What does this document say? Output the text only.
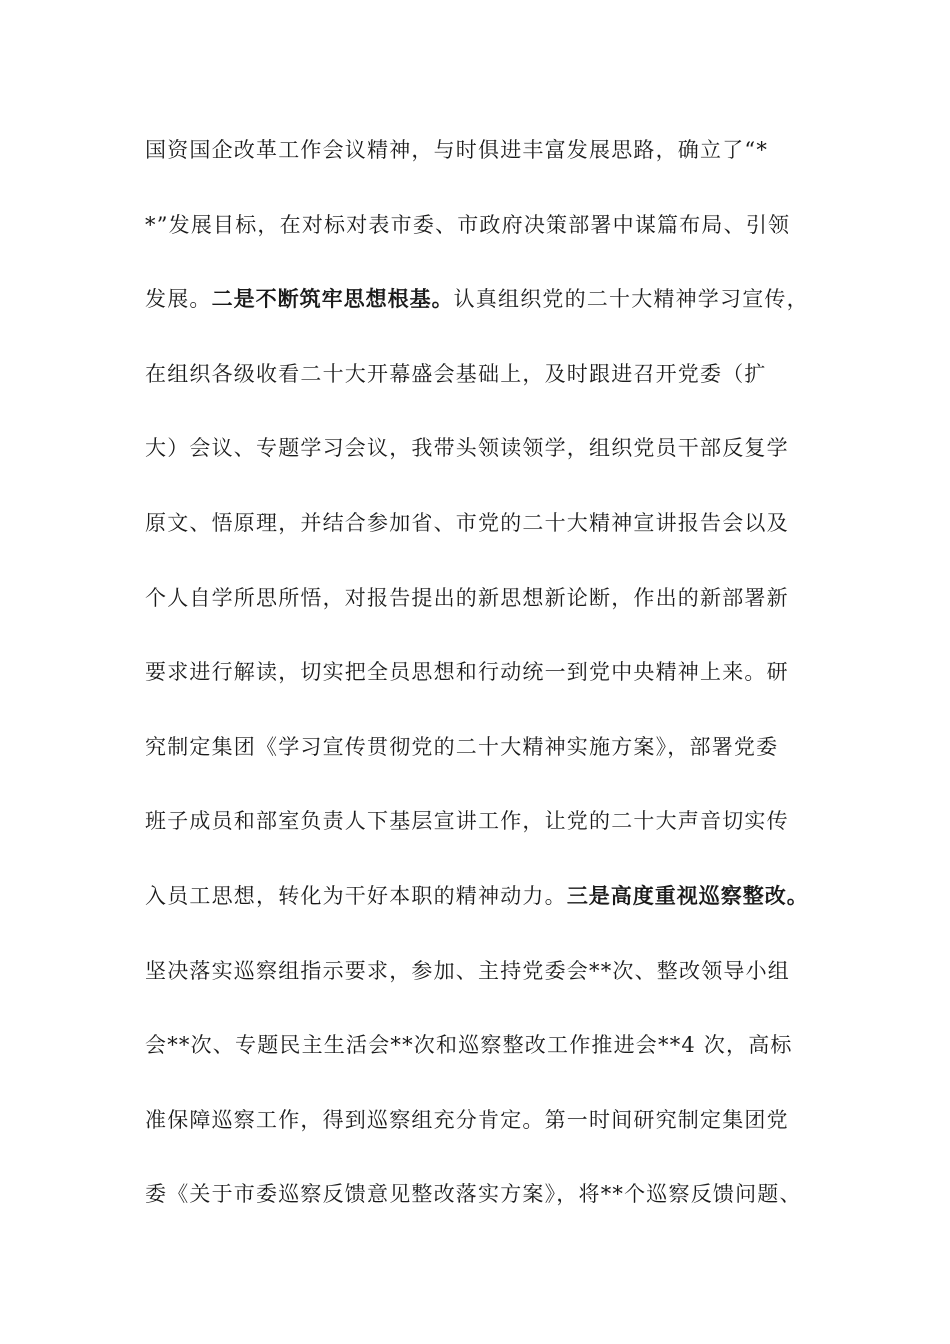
国资国企改革工作会议精神，与时俱进丰富发展思路，确立了“*
*”发展目标，在对标对表市委、市政府决策部署中谋篇布局、引领
发展。二是不断筑牢思想根基。认真组织党的二十大精神学习宣传，
在组织各级收看二十大开幕盛会基础上，及时跟进召开党委（扩
大）会议、专题学习会议，我带头领读领学，组织党员干部反复学
原文、悟原理，并结合参加省、市党的二十大精神宣讲报告会以及
个人自学所思所悟，对报告提出的新思想新论断，作出的新部署新
要求进行解读，切实把全员思想和行动统一到党中央精神上来。研
究制定集团《学习宣传贯彻党的二十大精神实施方案》，部署党委
班子成员和部室负责人下基层宣讲工作，让党的二十大声音切实传
入员工思想，转化为干好本职的精神动力。三是高度重视巡察整改。
坚决落实巡察组指示要求，参加、主持党委会**次、整改领导小组
会**次、专题民主生活会**次和巡察整改工作推进会**4 次，高标
准保障巡察工作，得到巡察组充分肯定。第一时间研究制定集团党
委《关于市委巡察反馈意见整改落实方案》，将**个巡察反馈问题、
